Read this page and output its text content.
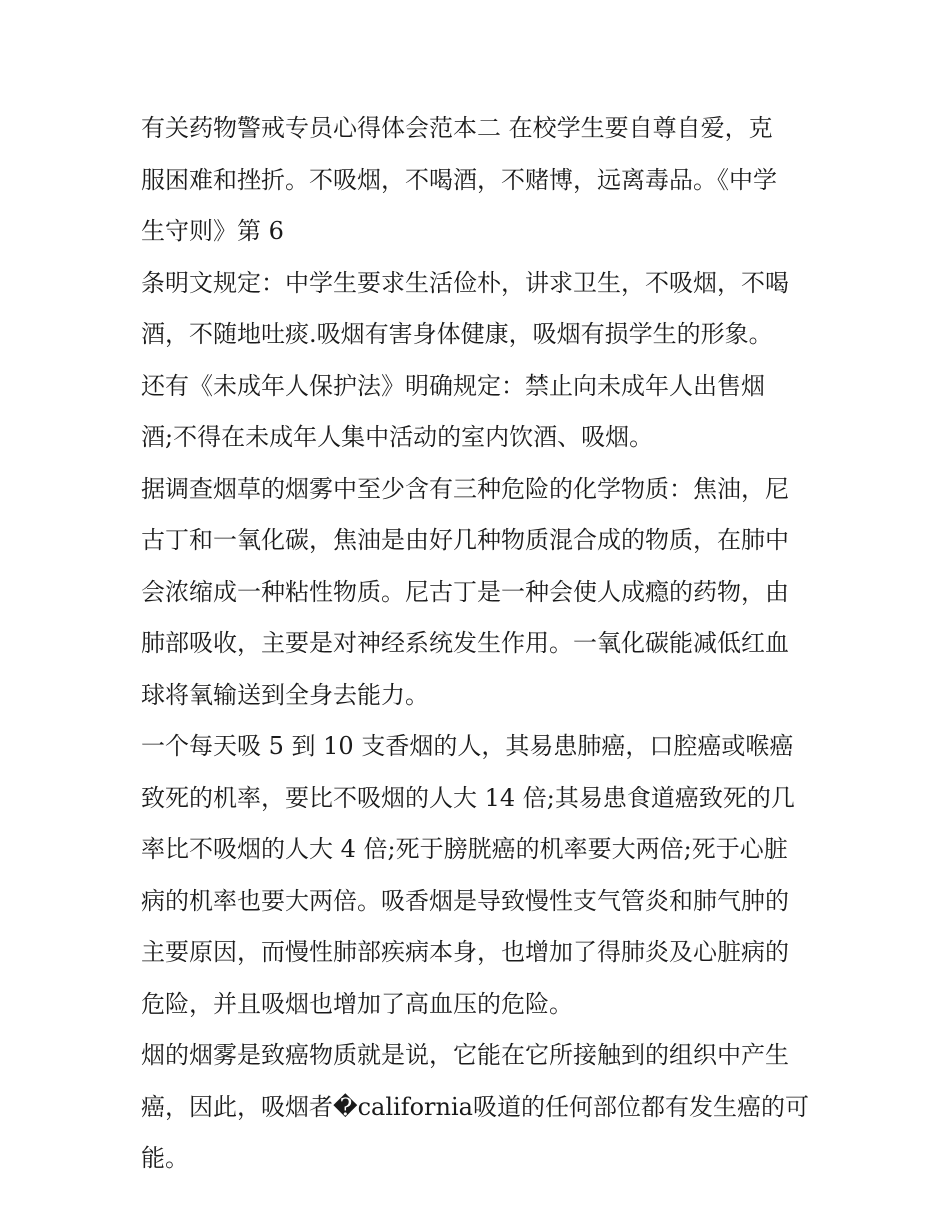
有关药物警戒专员心得体会范本二 在校学生要自尊自爱，克
服困难和挫折。不吸烟，不喝酒，不赌博，远离毒品。《中学
生守则》第 6

条明文规定：中学生要求生活俭朴，讲求卫生，不吸烟，不喝
酒，不随地吐痰.吸烟有害身体健康，吸烟有损学生的形象。

还有《未成年人保护法》明确规定：禁止向未成年人出售烟
酒;不得在未成年人集中活动的室内饮酒、吸烟。

据调查烟草的烟雾中至少含有三种危险的化学物质：焦油，尼
古丁和一氧化碳，焦油是由好几种物质混合成的物质，在肺中
会浓缩成一种粘性物质。尼古丁是一种会使人成瘾的药物，由
肺部吸收，主要是对神经系统发生作用。一氧化碳能减低红血
球将氧输送到全身去能力。

一个每天吸 5 到 10 支香烟的人，其易患肺癌，口腔癌或喉癌
致死的机率，要比不吸烟的人大 14 倍;其易患食道癌致死的几
率比不吸烟的人大 4 倍;死于膀胱癌的机率要大两倍;死于心脏
病的机率也要大两倍。吸香烟是导致慢性支气管炎和肺气肿的
主要原因，而慢性肺部疾病本身，也增加了得肺炎及心脏病的
危险，并且吸烟也增加了高血压的危险。

烟的烟雾是致癌物质就是说，它能在它所接触到的组织中产生
癌，因此，吸烟者�california吸道的任何部位都有发生癌的可能。
